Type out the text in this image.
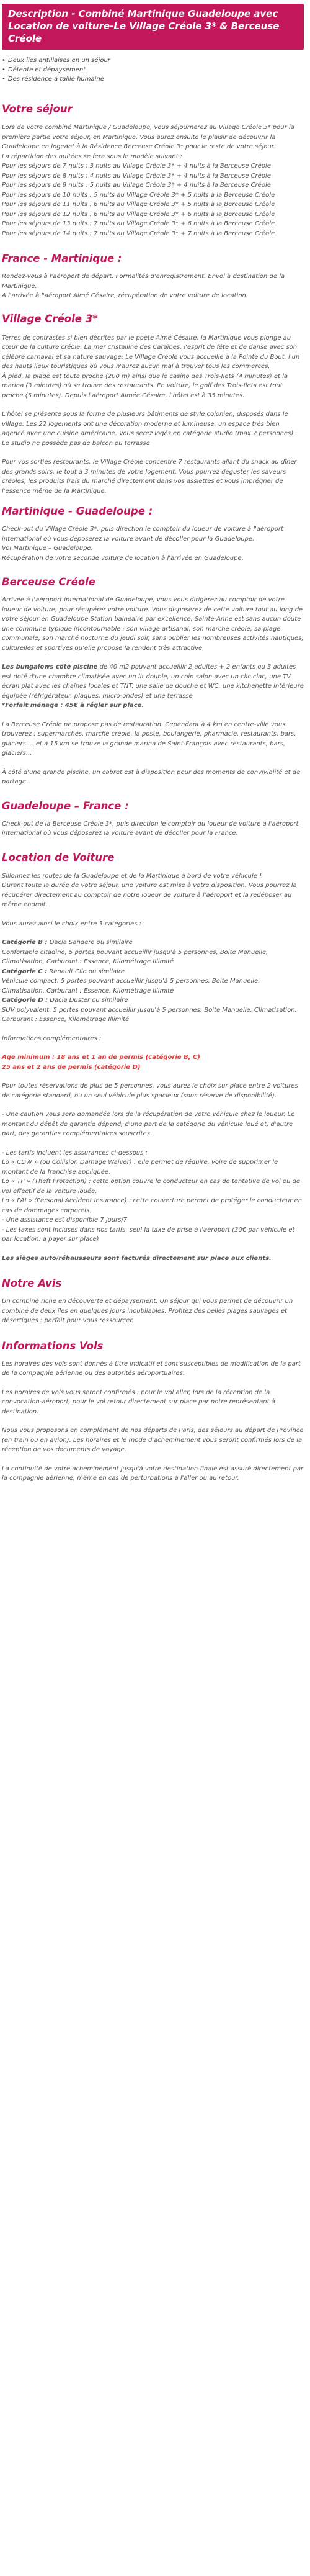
Description - Combiné Martinique Guadeloupe avec Location de voiture-Le Village Créole 3* & Berceuse Créole
• Deux îles antillaises en un séjour
• Détente et dépaysement
• Des résidence à taille humaine
Votre séjour

Lors de votre combiné Martinique / Guadeloupe, vous séjournerez au Village Créole 3* pour la première partie votre séjour, en Martinique. Vous aurez ensuite le plaisir de découvrir la Guadeloupe en logeant à la Résidence Berceuse Créole 3* pour le reste de votre séjour.

La répartition des nuitées se fera sous le modèle suivant :

Pour les séjours de 7 nuits : 3 nuits au Village Créole 3* + 4 nuits à la Berceuse Créole

Pour les séjours de 8 nuits : 4 nuits au Village Créole 3* + 4 nuits à la Berceuse Créole

Pour les séjours de 9 nuits : 5 nuits au Village Créole 3* + 4 nuits à la Berceuse Créole

Pour les séjours de 10 nuits : 5 nuits au Village Créole 3* + 5 nuits à la Berceuse Créole

Pour les séjours de 11 nuits : 6 nuits au Village Créole 3* + 5 nuits à la Berceuse Créole

Pour les séjours de 12 nuits : 6 nuits au Village Créole 3* + 6 nuits à la Berceuse Créole

Pour les séjours de 13 nuits : 7 nuits au Village Créole 3* + 6 nuits à la Berceuse Créole

Pour les séjours de 14 nuits : 7 nuits au Village Créole 3* + 7 nuits à la Berceuse Créole

France - Martinique :

Rendez-vous à l'aéroport de départ. Formalités d'enregistrement. Envol à destination de la Martinique.

A l'arrivée à l'aéroport Aimé Césaire, récupération de votre voiture de location.

Village Créole 3*

Terres de contrastes si bien décrites par le poète Aimé Césaire, la Martinique vous plonge au cœur de la culture créole. La mer cristalline des Caraïbes, l'esprit de fête et de danse avec son célèbre carnaval et sa nature sauvage: Le Village Créole vous accueille à la Pointe du Bout, l'un des hauts lieux touristiques où vous n'aurez aucun mal à trouver tous les commerces.

À pied, la plage est toute proche (200 m) ainsi que le casino des Trois-Ilets (4 minutes) et la marina (3 minutes) où se trouve des restaurants. En voiture, le golf des Trois-Ilets est tout proche (5 minutes). Depuis l'aéroport Aimée Césaire, l'hôtel est à 35 minutes.

L'hôtel se présente sous la forme de plusieurs bâtiments de style colonien, disposés dans le village. Les 22 logements ont une décoration moderne et lumineuse, un espace très bien agencé avec une cuisine américaine. Vous serez logés en catégorie studio (max 2 personnes). Le studio ne possède pas de balcon ou terrasse

Pour vos sorties restaurants, le Village Créole concentre 7 restaurants allant du snack au dîner des grands soirs, le tout à 3 minutes de votre logement. Vous pourrez déguster les saveurs créoles, les produits frais du marché directement dans vos assiettes et vous imprégner de l'essence même de la Martinique.

Martinique - Guadeloupe :

Check-out du Village Créole 3*, puis direction le comptoir du loueur de voiture à l'aéroport international où vous déposerez la voiture avant de décoller pour la Guadeloupe.

Vol Martinique – Guadeloupe.

Récupération de votre seconde voiture de location à l'arrivée en Guadeloupe.

Berceuse Créole

Arrivée à l'aéroport international de Guadeloupe, vous vous dirigerez au comptoir de votre loueur de voiture, pour récupérer votre voiture. Vous disposerez de cette voiture tout au long de votre séjour en Guadeloupe.Station balnéaire par excellence, Sainte-Anne est sans aucun doute une commune typique incontournable : son village artisanal, son marché créole, sa plage communale, son marché nocturne du jeudi soir, sans oublier les nombreuses activités nautiques, culturelles et sportives qu'elle propose la rendent très attractive.

Les bungalows côté piscine de 40 m2 pouvant accueillir 2 adultes + 2 enfants ou 3 adultes est doté d'une chambre climatisée avec un lit double, un coin salon avec un clic clac, une TV écran plat avec les chaînes locales et TNT, une salle de douche et WC, une kitchenette intérieure équipée (réfrigérateur, plaques, micro-ondes) et une terrasse

*Forfait ménage : 45€ à régler sur place.

La Berceuse Créole ne propose pas de restauration. Cependant à 4 km en centre-ville vous trouverez : supermarchés, marché créole, la poste, boulangerie, pharmacie, restaurants, bars, glaciers.... et à 15 km se trouve la grande marina de Saint-François avec restaurants, bars, glaciers...

À côté d'une grande piscine, un cabret est à disposition pour des moments de convivialité et de partage.

Guadeloupe – France :

Check-out de la Berceuse Créole 3*, puis direction le comptoir du loueur de voiture à l'aéroport international où vous déposerez la voiture avant de décoller pour la France.

Location de Voiture

Sillonnez les routes de la Guadeloupe et de la Martinique à bord de votre véhicule !

Durant toute la durée de votre séjour, une voiture est mise à votre disposition. Vous pourrez la récupérer directement au comptoir de notre loueur de voiture à l'aéroport et la redéposer au même endroit.

Vous aurez ainsi le choix entre 3 catégories :

Catégorie B : Dacia Sandero ou similaire

Confortable citadine, 5 portes,pouvant accueillir jusqu'à 5 personnes, Boite Manuelle, Climatisation, Carburant : Essence, Kilométrage Illimité

Catégorie C : Renault Clio ou similaire

Véhicule compact, 5 portes pouvant accueillir jusqu'à 5 personnes, Boite Manuelle, Climatisation, Carburant : Essence, Kilométrage Illimité

Catégorie D : Dacia Duster ou similaire

SUV polyvalent, 5 portes pouvant accueillir jusqu'à 5 personnes, Boite Manuelle, Climatisation, Carburant : Essence, Kilométrage Illimité

Informations complémentaires :

Age minimum : 18 ans et 1 an de permis (catégorie B, C)

25 ans et 2 ans de permis (catégorie D)

Pour toutes réservations de plus de 5 personnes, vous aurez le choix sur place entre 2 voitures de catégorie standard, ou un seul véhicule plus spacieux (sous réserve de disponibilité).

- Une caution vous sera demandée lors de la récupération de votre véhicule chez le loueur. Le montant du dépôt de garantie dépend, d'une part de la catégorie du véhicule loué et, d'autre part, des garanties complémentaires souscrites.

- Les tarifs incluent les assurances ci-dessous :

Lo « CDW » (ou Collision Damage Waiver) : elle permet de réduire, voire de supprimer le montant de la franchise appliquée.

Lo « TP » (Theft Protection) : cette option couvre le conducteur en cas de tentative de vol ou de vol effectif de la voiture louée.

Lo « PAI » (Personal Accident Insurance) : cette couverture permet de protéger le conducteur en cas de dommages corporels.

- Une assistance est disponible 7 jours/7

- Les taxes sont incluses dans nos tarifs, seul la taxe de prise à l'aéroport (30€ par véhicule et par location, à payer sur place)

Les sièges auto/réhausseurs sont facturés directement sur place aux clients.

Notre Avis

Un combiné riche en découverte et dépaysement. Un séjour qui vous permet de découvrir un combiné de deux îles en quelques jours inoubliables. Profitez des belles plages sauvages et désertiques : parfait pour vous ressourcer.

Informations Vols

Les horaires des vols sont donnés à titre indicatif et sont susceptibles de modification de la part de la compagnie aérienne ou des autorités aéroportuaires.

Les horaires de vols vous seront confirmés : pour le vol aller, lors de la réception de la convocation-aéroport, pour le vol retour directement sur place par notre représentant à destination.

Nous vous proposons en complément de nos départs de Paris, des séjours au départ de Province (en train ou en avion). Les horaires et le mode d'acheminement vous seront confirmés lors de la réception de vos documents de voyage.

La continuité de votre acheminement jusqu'à votre destination finale est assuré directement par la compagnie aérienne, même en cas de perturbations à l'aller ou au retour.
